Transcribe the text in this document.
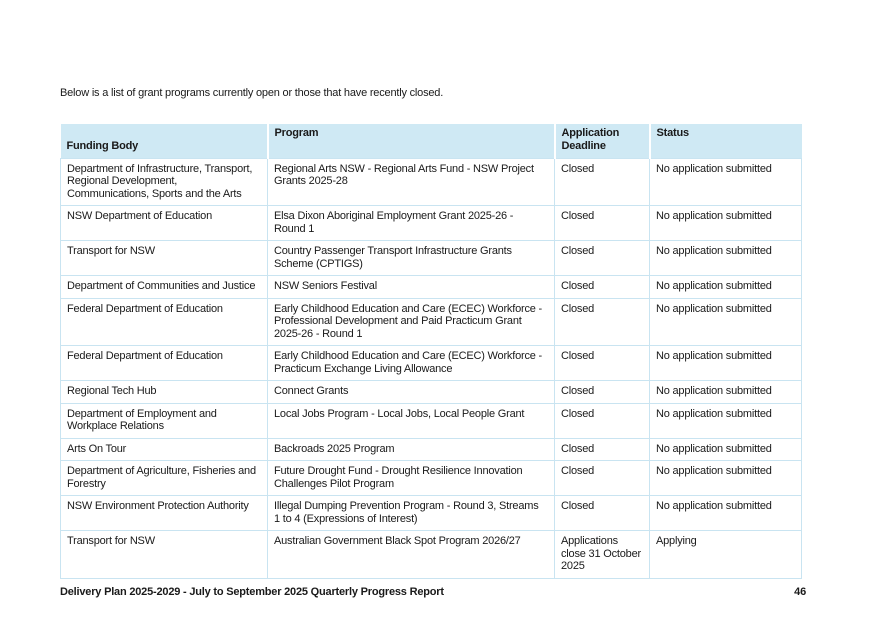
Below is a list of grant programs currently open or those that have recently closed.

Funding Body	Program	Application Deadline	Status
Department of Infrastructure, Transport, Regional Development, Communications, Sports and the Arts	Regional Arts NSW - Regional Arts Fund - NSW Project Grants 2025-28	Closed	No application submitted
NSW Department of Education	Elsa Dixon Aboriginal Employment Grant 2025-26 - Round 1	Closed	No application submitted
Transport for NSW	Country Passenger Transport Infrastructure Grants Scheme (CPTIGS)	Closed	No application submitted
Department of Communities and Justice	NSW Seniors Festival	Closed	No application submitted
Federal Department of Education	Early Childhood Education and Care (ECEC) Workforce - Professional Development and Paid Practicum Grant 2025-26 - Round 1	Closed	No application submitted
Federal Department of Education	Early Childhood Education and Care (ECEC) Workforce - Practicum Exchange Living Allowance	Closed	No application submitted
Regional Tech Hub	Connect Grants	Closed	No application submitted
Department of Employment and Workplace Relations	Local Jobs Program - Local Jobs, Local People Grant	Closed	No application submitted
Arts On Tour	Backroads 2025 Program	Closed	No application submitted
Department of Agriculture, Fisheries and Forestry	Future Drought Fund - Drought Resilience Innovation Challenges Pilot Program	Closed	No application submitted
NSW Environment Protection Authority	Illegal Dumping Prevention Program - Round 3, Streams 1 to 4 (Expressions of Interest)	Closed	No application submitted
Transport for NSW	Australian Government Black Spot Program 2026/27	Applications close 31 October 2025	Applying
Delivery Plan 2025-2029 - July to September 2025 Quarterly Progress Report	46
